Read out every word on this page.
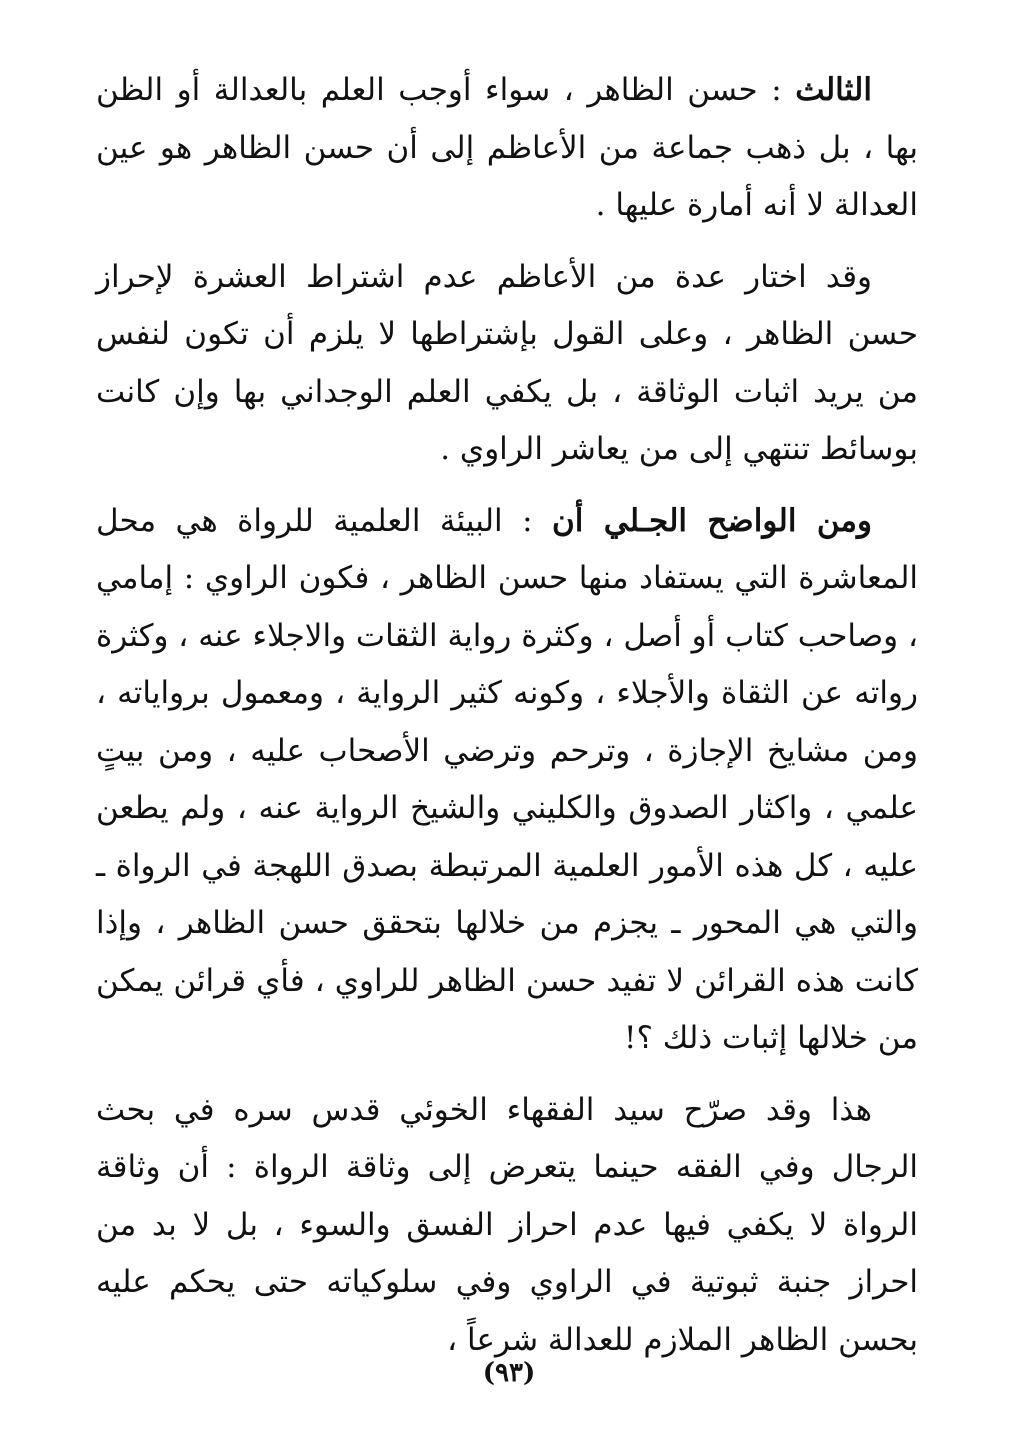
الثالث : حسن الظاهر ، سواء أوجب العلم بالعدالة أو الظن بها ، بل ذهب جماعة من الأعاظم إلى أن حسن الظاهر هو عين العدالة لا أنه أمارة عليها .

وقد اختار عدة من الأعاظم عدم اشتراط العشرة لإحراز حسن الظاهر ، وعلى القول بإشتراطها لا يلزم أن تكون لنفس من يريد اثبات الوثاقة ، بل يكفي العلم الوجداني بها وإن كانت بوسائط تنتهي إلى من يعاشر الراوي .

ومن الواضح الجـلي أن : البيئة العلمية للرواة هي محل المعاشرة التي يستفاد منها حسن الظاهر ، فكون الراوي : إمامي ، وصاحب كتاب أو أصل ، وكثرة رواية الثقات والاجلاء عنه ، وكثرة رواته عن الثقاة والأجلاء ، وكونه كثير الرواية ، ومعمول برواياته ، ومن مشايخ الإجازة ، وترحم وترضي الأصحاب عليه ، ومن بيتٍ علمي ، واكثار الصدوق والكليني والشيخ الرواية عنه ، ولم يطعن عليه ، كل هذه الأمور العلمية المرتبطة بصدق اللهجة في الرواة ـ والتي هي المحور ـ يجزم من خلالها بتحقق حسن الظاهر ، وإذا كانت هذه القرائن لا تفيد حسن الظاهر للراوي ، فأي قرائن يمكن من خلالها إثبات ذلك ؟!

هذا وقد صرّح سيد الفقهاء الخوئي قدس سره في بحث الرجال وفي الفقه حينما يتعرض إلى وثاقة الرواة : أن وثاقة الرواة لا يكفي فيها عدم احراز الفسق والسوء ، بل لا بد من احراز جنبة ثبوتية في الراوي وفي سلوكياته حتى يحكم عليه بحسن الظاهر الملازم للعدالة شرعاً ،

(٩٣)
